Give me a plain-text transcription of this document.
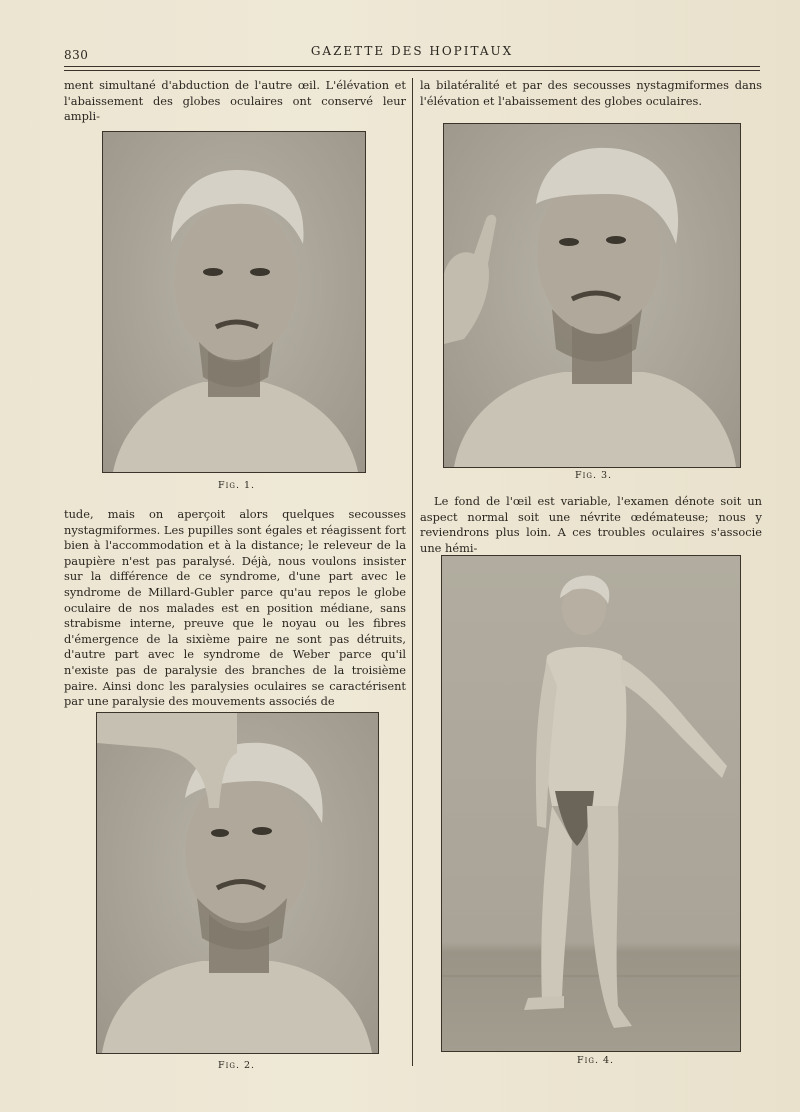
830	GAZETTE DES HOPITAUX
ment simultané d'abduction de l'autre œil. L'élévation et l'abaissement des globes oculaires ont conservé leur ampli-
Fig. 1.
tude, mais on aperçoit alors quelques secousses nystagmiformes. Les pupilles sont égales et réagissent fort bien à l'accommodation et à la distance; le releveur de la paupière n'est pas paralysé. Déjà, nous voulons insister sur la différence de ce syndrome, d'une part avec le syndrome de Millard-Gubler parce qu'au repos le globe oculaire de nos malades est en position médiane, sans strabisme interne, preuve que le noyau ou les fibres d'émergence de la sixième paire ne sont pas détruits, d'autre part avec le syndrome de Weber parce qu'il n'existe pas de paralysie des branches de la troisième paire. Ainsi donc les paralysies oculaires se caractérisent par une paralysie des mouvements associés de
Fig. 2.
la bilatéralité et par des secousses nystagmiformes dans l'élévation et l'abaissement des globes oculaires.
Fig. 3.
Le fond de l'œil est variable, l'examen dénote soit un aspect normal soit une névrite œdémateuse; nous y reviendrons plus loin. A ces troubles oculaires s'associe une hémi-
Fig. 4.
